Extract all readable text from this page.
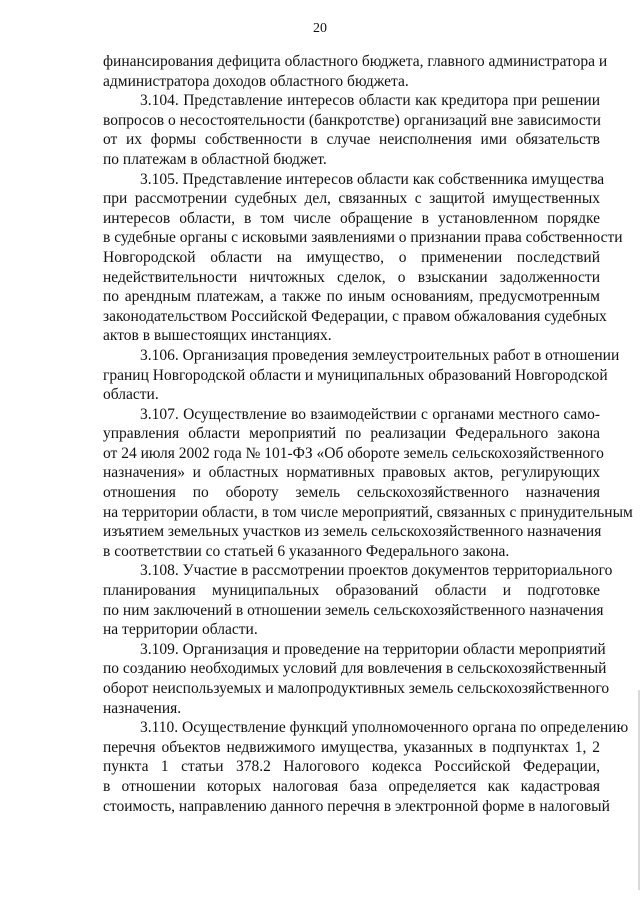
20
финансирования дефицита областного бюджета, главного администратора и
администратора доходов областного бюджета.
3.104. Представление интересов области как кредитора при решении
вопросов о несостоятельности (банкротстве) организаций вне зависимости
от их формы собственности в случае неисполнения ими обязательств
по платежам в областной бюджет.
3.105. Представление интересов области как собственника имущества
при рассмотрении судебных дел, связанных с защитой имущественных
интересов области, в том числе обращение в установленном порядке
в судебные органы с исковыми заявлениями о признании права собственности
Новгородской области на имущество, о применении последствий
недействительности ничтожных сделок, о взыскании задолженности
по арендным платежам, а также по иным основаниям, предусмотренным
законодательством Российской Федерации, с правом обжалования судебных
актов в вышестоящих инстанциях.
3.106. Организация проведения землеустроительных работ в отношении
границ Новгородской области и муниципальных образований Новгородской
области.
3.107. Осуществление во взаимодействии с органами местного само-
управления области мероприятий по реализации Федерального закона
от 24 июля 2002 года № 101-ФЗ «Об обороте земель сельскохозяйственного
назначения» и областных нормативных правовых актов, регулирующих
отношения по обороту земель сельскохозяйственного назначения
на территории области, в том числе мероприятий, связанных с принудительным
изъятием земельных участков из земель сельскохозяйственного назначения
в соответствии со статьей 6 указанного Федерального закона.
3.108. Участие в рассмотрении проектов документов территориального
планирования муниципальных образований области и подготовке
по ним заключений в отношении земель сельскохозяйственного назначения
на территории области.
3.109. Организация и проведение на территории области мероприятий
по созданию необходимых условий для вовлечения в сельскохозяйственный
оборот неиспользуемых и малопродуктивных земель сельскохозяйственного
назначения.
3.110. Осуществление функций уполномоченного органа по определению
перечня объектов недвижимого имущества, указанных в подпунктах 1, 2
пункта 1 статьи 378.2 Налогового кодекса Российской Федерации,
в отношении которых налоговая база определяется как кадастровая
стоимость, направлению данного перечня в электронной форме в налоговый
